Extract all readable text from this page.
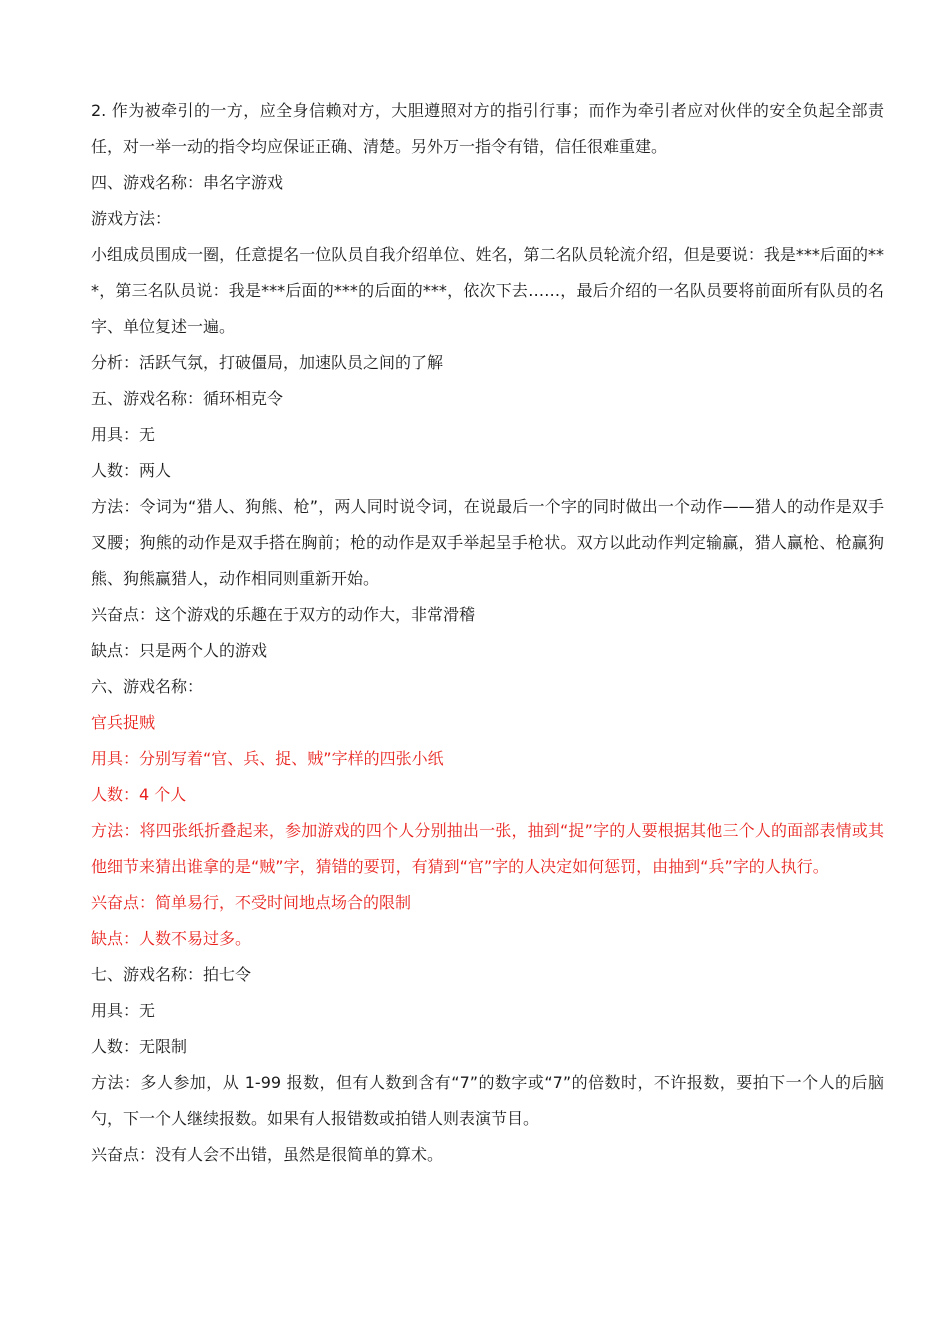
2. 作为被牵引的一方，应全身信赖对方，大胆遵照对方的指引行事；而作为牵引者应对伙伴的安全负起全部责任，对一举一动的指令均应保证正确、清楚。另外万一指令有错，信任很难重建。

四、游戏名称：串名字游戏

游戏方法：

小组成员围成一圈，任意提名一位队员自我介绍单位、姓名，第二名队员轮流介绍，但是要说：我是***后面的***，第三名队员说：我是***后面的***的后面的***，依次下去……，最后介绍的一名队员要将前面所有队员的名字、单位复述一遍。

分析：活跃气氛，打破僵局，加速队员之间的了解

五、游戏名称：循环相克令

用具：无

人数：两人

方法：令词为“猎人、狗熊、枪”，两人同时说令词，在说最后一个字的同时做出一个动作——猎人的动作是双手叉腰；狗熊的动作是双手搭在胸前；枪的动作是双手举起呈手枪状。双方以此动作判定输赢，猎人赢枪、枪赢狗熊、狗熊赢猎人，动作相同则重新开始。

兴奋点：这个游戏的乐趣在于双方的动作大，非常滑稽

缺点：只是两个人的游戏

六、游戏名称：

官兵捉贼

用具：分别写着“官、兵、捉、贼”字样的四张小纸

人数：4 个人

方法：将四张纸折叠起来，参加游戏的四个人分别抽出一张，抽到“捉”字的人要根据其他三个人的面部表情或其他细节来猜出谁拿的是“贼”字，猜错的要罚，有猜到“官”字的人决定如何惩罚，由抽到“兵”字的人执行。

兴奋点：简单易行，不受时间地点场合的限制

缺点：人数不易过多。

七、游戏名称：拍七令

用具：无

人数：无限制

方法：多人参加，从 1-99 报数，但有人数到含有“7”的数字或“7”的倍数时，不许报数，要拍下一个人的后脑勺，下一个人继续报数。如果有人报错数或拍错人则表演节目。

兴奋点：没有人会不出错，虽然是很简单的算术。
